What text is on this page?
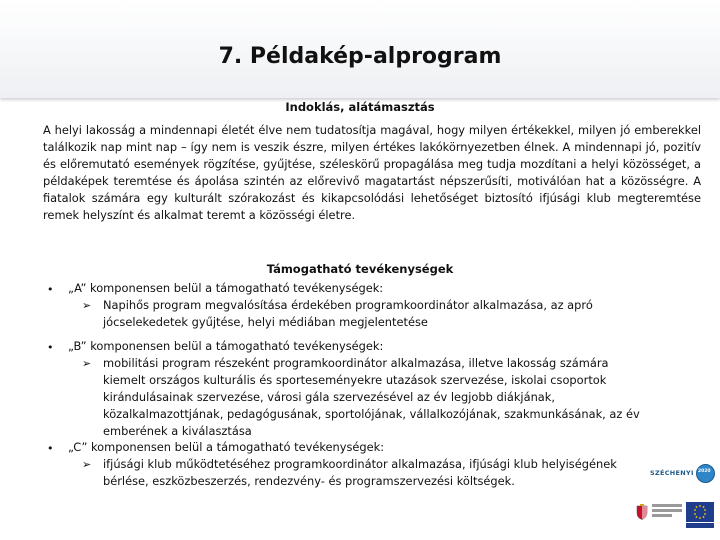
7. Példakép-alprogram
Indoklás, alátámasztás
A helyi lakosság a mindennapi életét élve nem tudatosítja magával, hogy milyen értékekkel, milyen jó emberekkel találkozik nap mint nap – így nem is veszik észre, milyen értékes lakókörnyezetben élnek. A mindennapi jó, pozitív és előremutató események rögzítése, gyűjtése, széleskörű propagálása meg tudja mozdítani a helyi közösséget, a példaképek teremtése és ápolása szintén az előrevivő magatartást népszerűsíti, motiválóan hat a közösségre. A fiatalok számára egy kulturált szórakozást és kikapcsolódási lehetőséget biztosító ifjúsági klub megteremtése remek helyszínt és alkalmat teremt a közösségi életre.
Támogatható tevékenységek
• „A” komponensen belül a támogatható tevékenységek:
➢ Napihős program megvalósítása érdekében programkoordinátor alkalmazása, az apró
jócselekedetek gyűjtése, helyi médiában megjelentetése
• „B” komponensen belül a támogatható tevékenységek:
➢ mobilitási program részeként programkoordinátor alkalmazása, illetve lakosság számára
kiemelt országos kulturális és sporteseményekre utazások szervezése, iskolai csoportok
kirándulásainak szervezése, városi gála szervezésével az év legjobb diákjának,
közalkalmazottjának, pedagógusának, sportolójának, vállalkozójának, szakmunkásának, az év
emberének a kiválasztása
• „C” komponensen belül a támogatható tevékenységek:
➢ ifjúsági klub működtetéséhez programkoordinátor alkalmazása, ifjúsági klub helyiségének
bérlése, eszközbeszerzés, rendezvény- és programszervezési költségek.
SZÉCHENYI 2020
